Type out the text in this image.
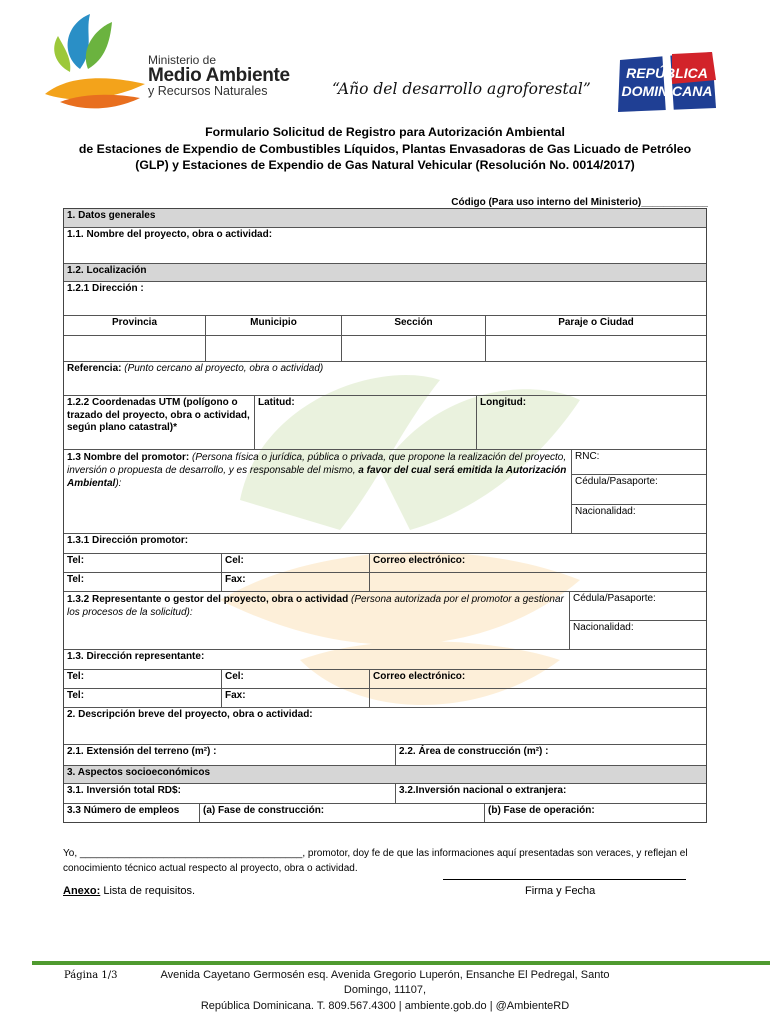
Ministerio de
Medio Ambiente
y Recursos Naturales	“Año del desarrollo agroforestal”
REPÚBLICA
DOMINICANA
Formulario Solicitud de Registro para Autorización Ambiental
de Estaciones de Expendio de Combustibles Líquidos, Plantas Envasadoras de Gas Licuado de Petróleo
(GLP) y Estaciones de Expendio de Gas Natural Vehicular (Resolución No. 0014/2017)
Código (Para uso interno del Ministerio)____________
1. Datos generales
1.1. Nombre del proyecto, obra o actividad:
1.2. Localización
1.2.1 Dirección :
Provincia	Municipio	Sección	Paraje o Ciudad
Referencia: (Punto cercano al proyecto, obra o actividad)
1.2.2 Coordenadas UTM (polígono o trazado del proyecto, obra o actividad, según plano catastral)*
Latitud:	Longitud:
1.3 Nombre del promotor: (Persona física o jurídica, pública o privada, que propone la realización del proyecto, inversión o propuesta de desarrollo, y es responsable del mismo, a favor del cual será emitida la Autorización Ambiental):
RNC:
Cédula/Pasaporte:
Nacionalidad:
1.3.1 Dirección promotor:
Tel:	Cel:	Correo electrónico:
Tel:	Fax:
1.3.2 Representante o gestor del proyecto, obra o actividad (Persona autorizada por el promotor a gestionar los procesos de la solicitud):
Cédula/Pasaporte:
Nacionalidad:
1.3. Dirección representante:
Tel:	Cel:	Correo electrónico:
Tel:	Fax:
2. Descripción breve del proyecto, obra o actividad:
2.1. Extensión del terreno (m²) :	2.2. Área de construcción (m²) :
3. Aspectos socioeconómicos
3.1. Inversión total RD$:	3.2.Inversión nacional o extranjera:
3.3 Número de empleos	(a) Fase de construcción:	(b) Fase de operación:
Yo, ________________________________________, promotor, doy fe de que las informaciones aquí presentadas son veraces, y reflejan el conocimiento técnico actual respecto al proyecto, obra o actividad.
Anexo: Lista de requisitos.	Firma y Fecha
Página 1/3	Avenida Cayetano Germosén esq. Avenida Gregorio Luperón, Ensanche El Pedregal, Santo Domingo, 11107,
República Dominicana. T. 809.567.4300 | ambiente.gob.do | @AmbienteRD
